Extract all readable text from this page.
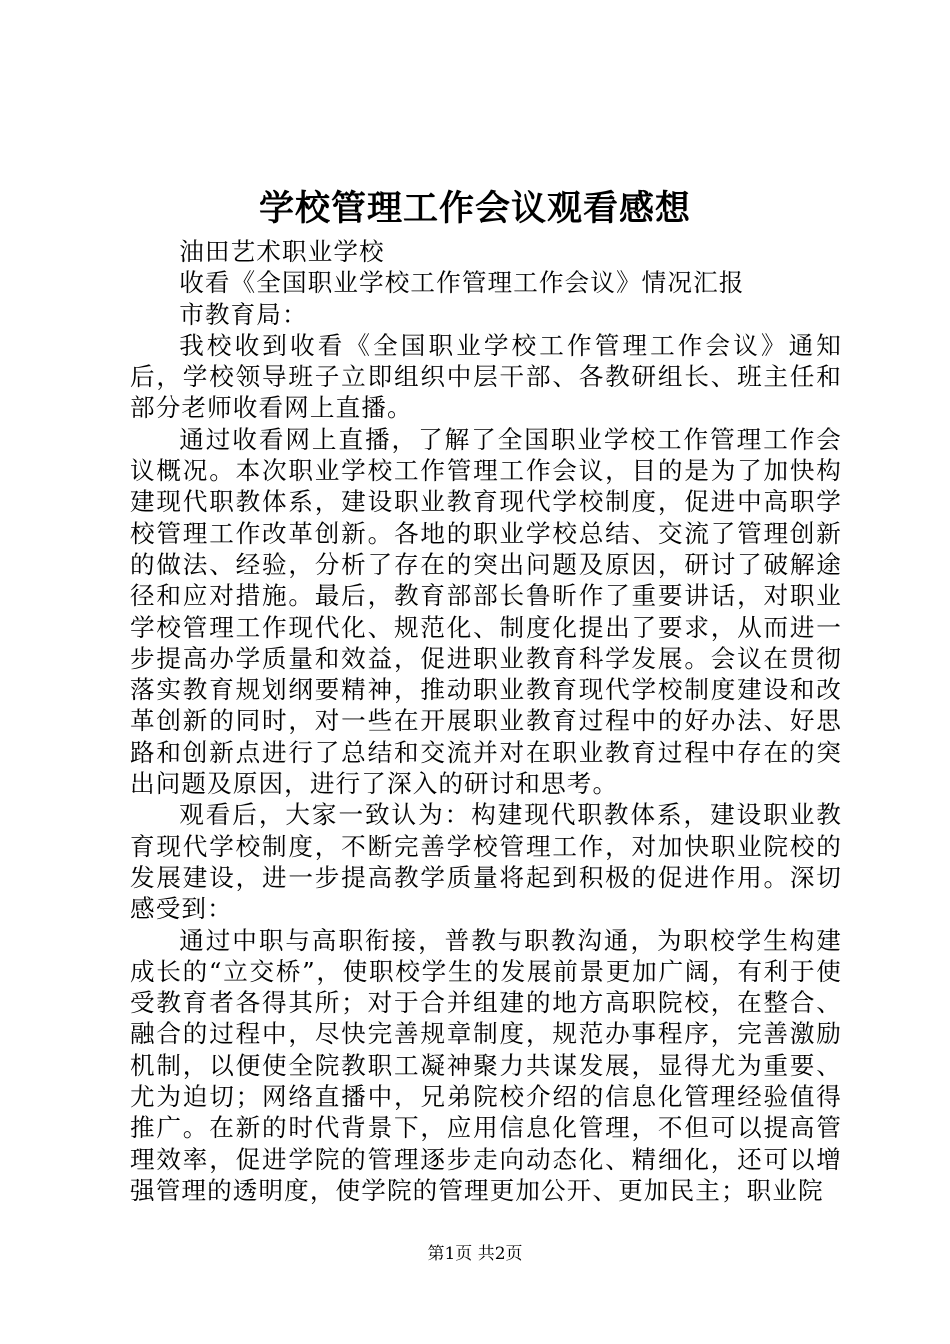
学校管理工作会议观看感想

油田艺术职业学校

收看《全国职业学校工作管理工作会议》情况汇报

市教育局：

我校收到收看《全国职业学校工作管理工作会议》通知后，学校领导班子立即组织中层干部、各教研组长、班主任和部分老师收看网上直播。

通过收看网上直播，了解了全国职业学校工作管理工作会议概况。本次职业学校工作管理工作会议，目的是为了加快构建现代职教体系，建设职业教育现代学校制度，促进中高职学校管理工作改革创新。各地的职业学校总结、交流了管理创新的做法、经验，分析了存在的突出问题及原因，研讨了破解途径和应对措施。最后，教育部部长鲁昕作了重要讲话，对职业学校管理工作现代化、规范化、制度化提出了要求，从而进一步提高办学质量和效益，促进职业教育科学发展。会议在贯彻落实教育规划纲要精神，推动职业教育现代学校制度建设和改革创新的同时，对一些在开展职业教育过程中的好办法、好思路和创新点进行了总结和交流并对在职业教育过程中存在的突出问题及原因，进行了深入的研讨和思考。

观看后，大家一致认为：构建现代职教体系，建设职业教育现代学校制度，不断完善学校管理工作，对加快职业院校的发展建设，进一步提高教学质量将起到积极的促进作用。深切感受到：

通过中职与高职衔接，普教与职教沟通，为职校学生构建成长的“立交桥”，使职校学生的发展前景更加广阔，有利于使受教育者各得其所；对于合并组建的地方高职院校，在整合、融合的过程中，尽快完善规章制度，规范办事程序，完善激励机制，以便使全院教职工凝神聚力共谋发展，显得尤为重要、尤为迫切；网络直播中，兄弟院校介绍的信息化管理经验值得推广。在新的时代背景下，应用信息化管理，不但可以提高管理效率，促进学院的管理逐步走向动态化、精细化，还可以增强管理的透明度，使学院的管理更加公开、更加民主；职业院

第1页 共2页
